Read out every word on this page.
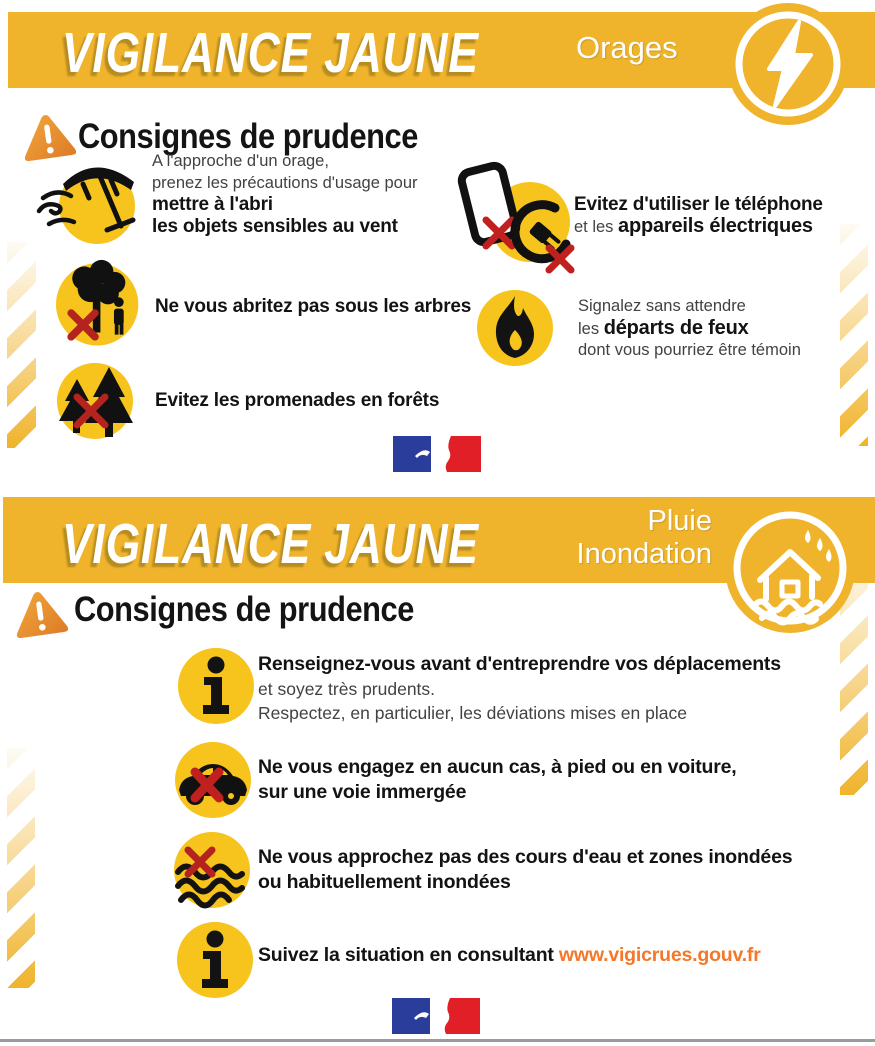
VIGILANCE JAUNE	Orages
Consignes de prudence
A l'approche d'un orage,
prenez les précautions d'usage pour
mettre à l'abri
les objets sensibles au vent
Evitez d'utiliser le téléphone
et les appareils électriques
Ne vous abritez pas sous les arbres	Signalez sans attendre
les départs de feux
dont vous pourriez être témoin
Evitez les promenades en forêts
VIGILANCE JAUNE	Pluie
Inondation
Consignes de prudence
Renseignez-vous avant d'entreprendre vos déplacements
et soyez très prudents.
Respectez, en particulier, les déviations mises en place
Ne vous engagez en aucun cas, à pied ou en voiture,
sur une voie immergée
Ne vous approchez pas des cours d'eau et zones inondées
ou habituellement inondées
Suivez la situation en consultant www.vigicrues.gouv.fr
